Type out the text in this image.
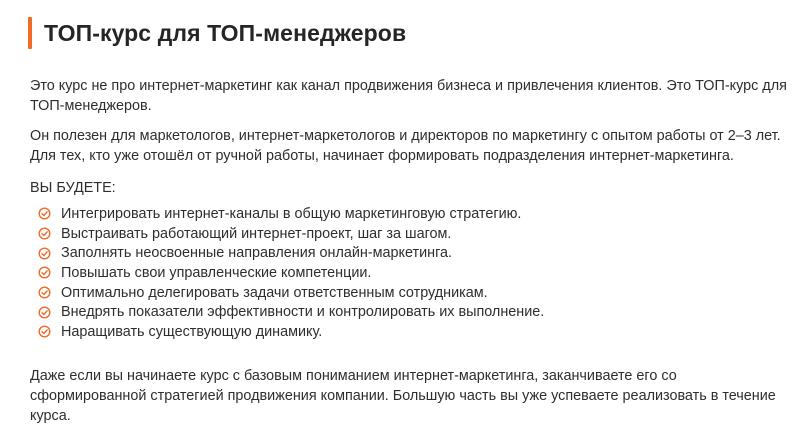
ТОП-курс для ТОП-менеджеров

Это курс не про интернет-маркетинг как канал продвижения бизнеса и привлечения клиентов. Это ТОП-курс для ТОП-менеджеров.

Он полезен для маркетологов, интернет-маркетологов и директоров по маркетингу с опытом работы от 2–3 лет. Для тех, кто уже отошёл от ручной работы, начинает формировать подразделения интернет-маркетинга.

ВЫ БУДЕТЕ:

Интегрировать интернет-каналы в общую маркетинговую стратегию.
Выстраивать работающий интернет-проект, шаг за шагом.
Заполнять неосвоенные направления онлайн-маркетинга.
Повышать свои управленческие компетенции.
Оптимально делегировать задачи ответственным сотрудникам.
Внедрять показатели эффективности и контролировать их выполнение.
Наращивать существующую динамику.

Даже если вы начинаете курс с базовым пониманием интернет-маркетинга, заканчиваете его со сформированной стратегией продвижения компании. Большую часть вы уже успеваете реализовать в течение курса.
